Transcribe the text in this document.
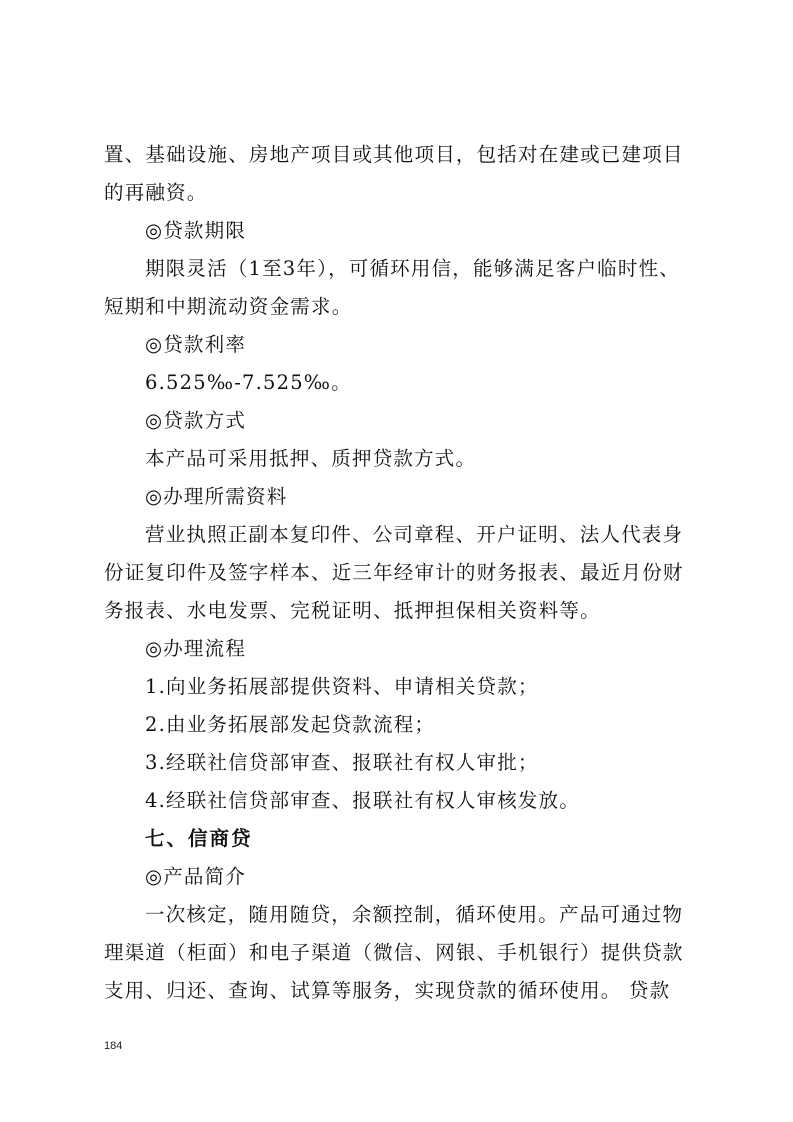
置、基础设施、房地产项目或其他项目，包括对在建或已建项目
的再融资。
◎贷款期限
期限灵活（1至3年），可循环用信，能够满足客户临时性、
短期和中期流动资金需求。
◎贷款利率
6.525‰-7.525‰。
◎贷款方式
本产品可采用抵押、质押贷款方式。
◎办理所需资料
营业执照正副本复印件、公司章程、开户证明、法人代表身
份证复印件及签字样本、近三年经审计的财务报表、最近月份财
务报表、水电发票、完税证明、抵押担保相关资料等。
◎办理流程
1.向业务拓展部提供资料、申请相关贷款；
2.由业务拓展部发起贷款流程；
3.经联社信贷部审查、报联社有权人审批；
4.经联社信贷部审查、报联社有权人审核发放。
七、信商贷
◎产品简介
一次核定，随用随贷，余额控制，循环使用。产品可通过物
理渠道（柜面）和电子渠道（微信、网银、手机银行）提供贷款
支用、归还、查询、试算等服务，实现贷款的循环使用。 贷款
184
